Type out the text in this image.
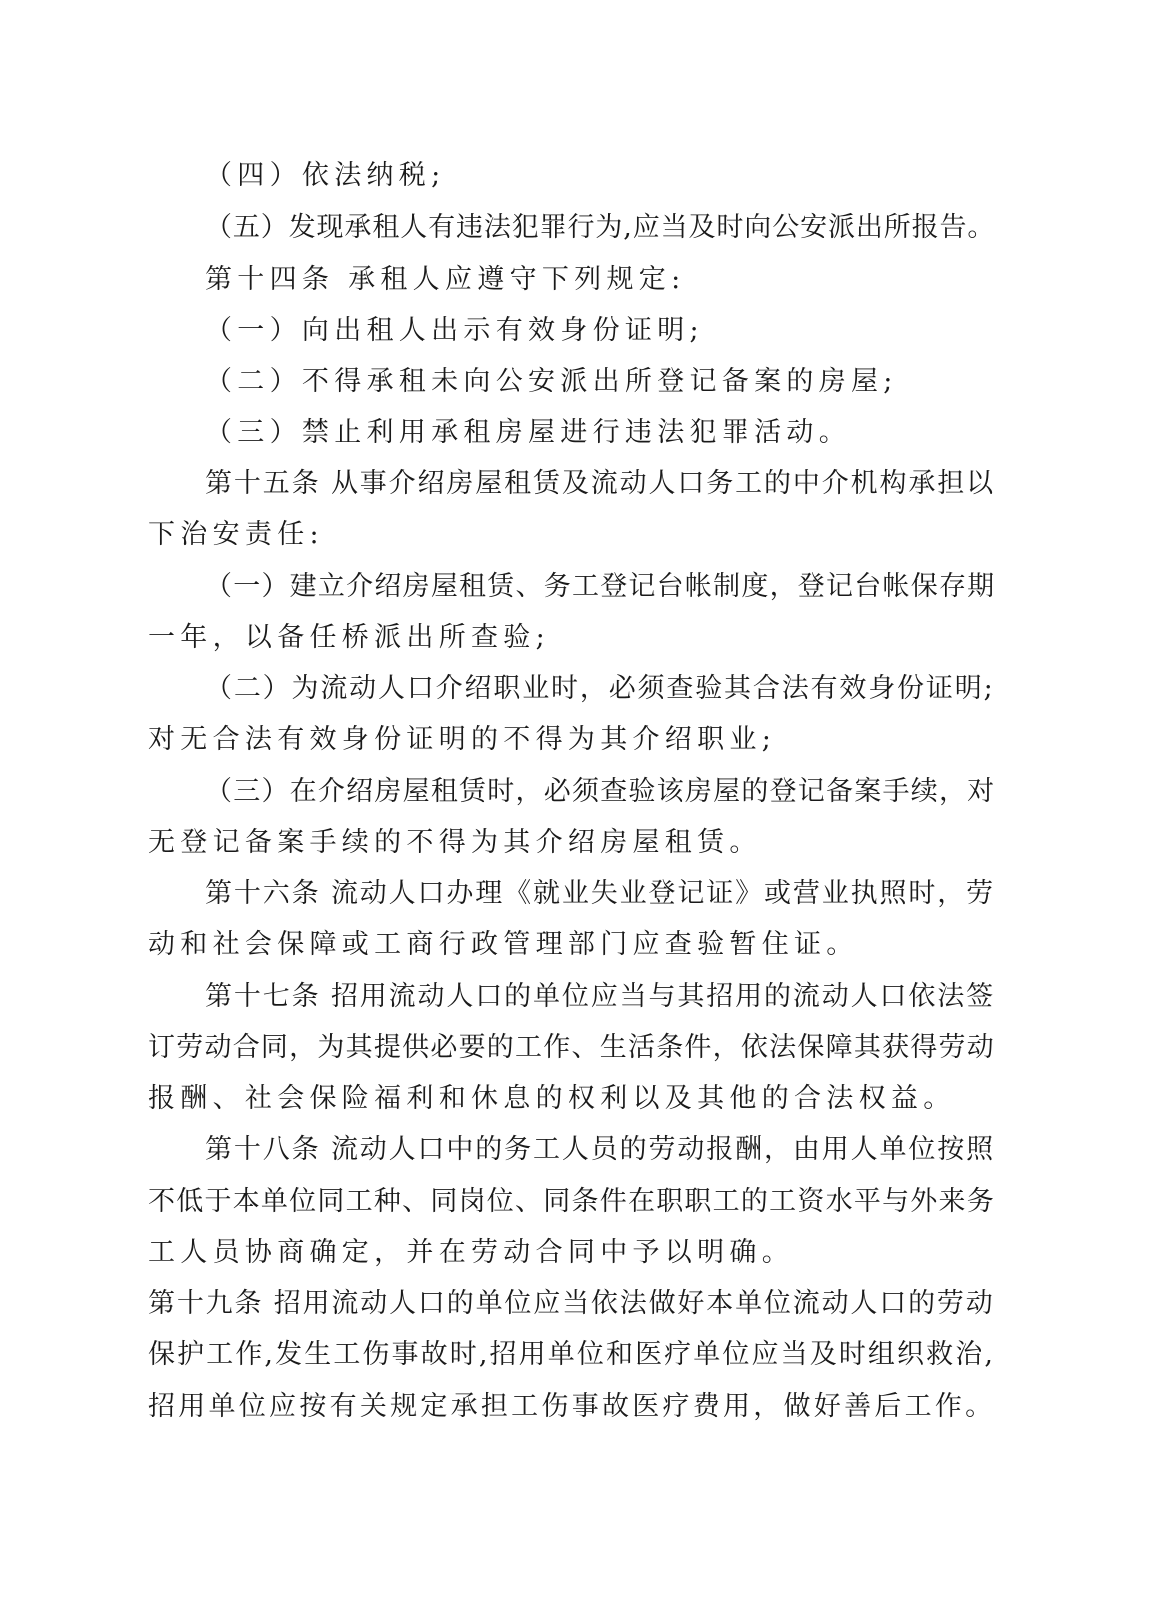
（四）依法纳税;
（五）发现承租人有违法犯罪行为,应当及时向公安派出所报告。
第十四条 承租人应遵守下列规定:
（一）向出租人出示有效身份证明;
（二）不得承租未向公安派出所登记备案的房屋;
（三）禁止利用承租房屋进行违法犯罪活动。
第十五条 从事介绍房屋租赁及流动人口务工的中介机构承担以
下治安责任:
（一）建立介绍房屋租赁、务工登记台帐制度，登记台帐保存期
一年，以备任桥派出所查验;
（二）为流动人口介绍职业时，必须查验其合法有效身份证明;
对无合法有效身份证明的不得为其介绍职业;
（三）在介绍房屋租赁时，必须查验该房屋的登记备案手续，对
无登记备案手续的不得为其介绍房屋租赁。
第十六条 流动人口办理《就业失业登记证》或营业执照时，劳
动和社会保障或工商行政管理部门应查验暂住证。
第十七条 招用流动人口的单位应当与其招用的流动人口依法签
订劳动合同，为其提供必要的工作、生活条件，依法保障其获得劳动
报酬、社会保险福利和休息的权利以及其他的合法权益。
第十八条 流动人口中的务工人员的劳动报酬，由用人单位按照
不低于本单位同工种、同岗位、同条件在职职工的工资水平与外来务
工人员协商确定，并在劳动合同中予以明确。
第十九条 招用流动人口的单位应当依法做好本单位流动人口的劳动
保护工作,发生工伤事故时,招用单位和医疗单位应当及时组织救治,
招用单位应按有关规定承担工伤事故医疗费用，做好善后工作。
